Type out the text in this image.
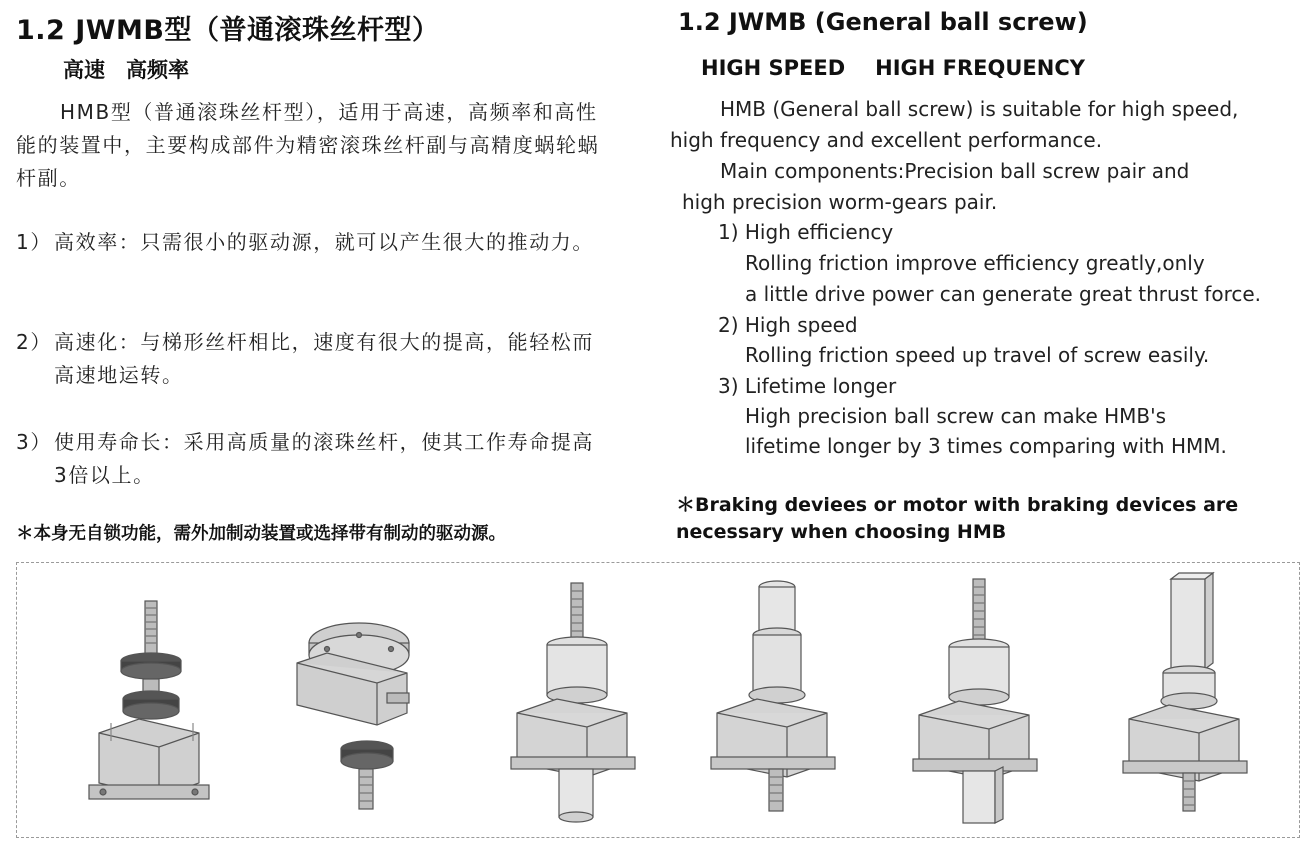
1.2 JWMB型（普通滚珠丝杆型）
高速　高频率
HMB型（普通滚珠丝杆型），适用于高速，高频率和高性能的装置中，主要构成部件为精密滚珠丝杆副与高精度蜗轮蜗杆副。
1） 高效率：只需很小的驱动源，就可以产生很大的推动力。
2） 高速化：与梯形丝杆相比，速度有很大的提高，能轻松而高速地运转。
3） 使用寿命长：采用高质量的滚珠丝杆，使其工作寿命提高3倍以上。
＊本身无自锁功能，需外加制动装置或选择带有制动的驱动源。
1.2 JWMB (General ball screw)
HIGH SPEED HIGH FREQUENCY
HMB (General ball screw) is suitable for high speed,
high frequency and excellent performance.
Main components:Precision ball screw pair and
high precision worm-gears pair.
1) High efficiency
Rolling friction improve efficiency greatly,only
a little drive power can generate great thrust force.
2) High speed
Rolling friction speed up travel of screw easily.
3) Lifetime longer
High precision ball screw can make HMB's
lifetime longer by 3 times comparing with HMM.
＊Braking deviees or motor with braking devices are
necessary when choosing HMB
